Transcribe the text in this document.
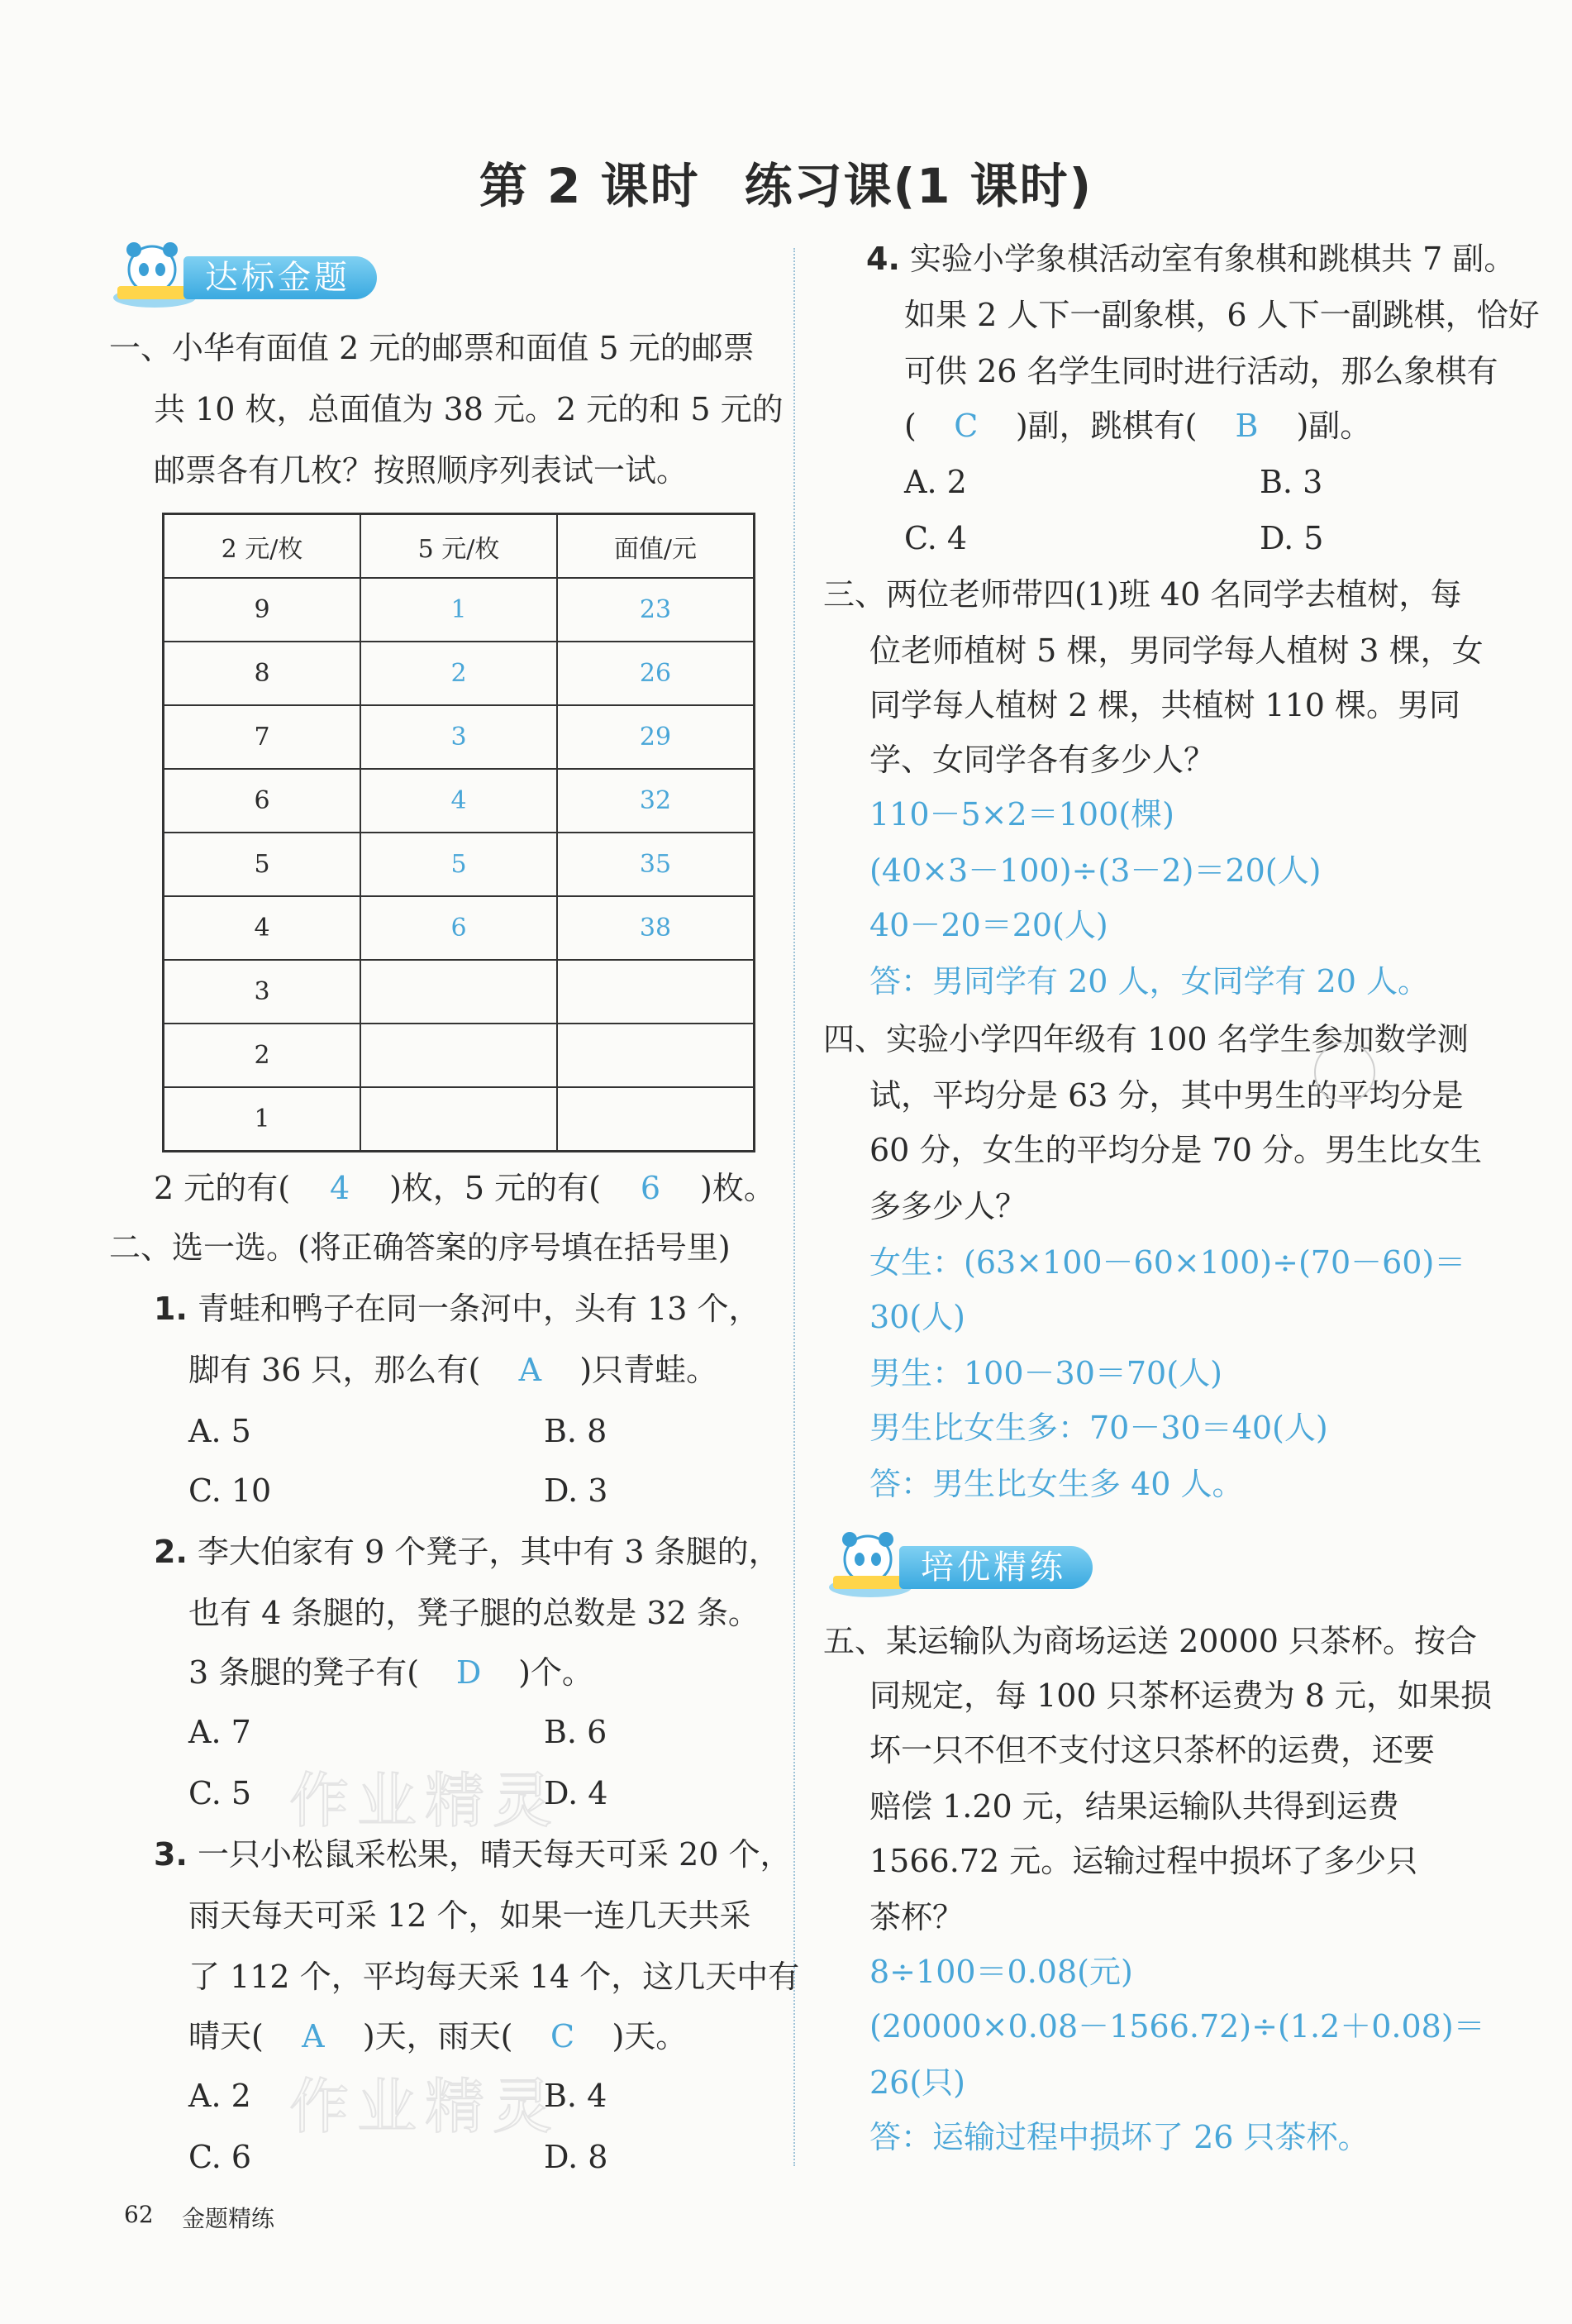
第 2 课时 练习课(1 课时)
达标金题
一、小华有面值 2 元的邮票和面值 5 元的邮票
共 10 枚，总面值为 38 元。2 元的和 5 元的
邮票各有几枚？按照顺序列表试一试。
2 元/枚	5 元/枚	面值/元
9	1	23
8	2	26
7	3	29
6	4	32
5	5	35
4	6	38
3		
2		
1		
2 元的有( 4 )枚，5 元的有( 6 )枚。
二、选一选。(将正确答案的序号填在括号里)
1. 青蛙和鸭子在同一条河中，头有 13 个，
脚有 36 只，那么有( A )只青蛙。
A. 5	B. 8
C. 10	D. 3
2. 李大伯家有 9 个凳子，其中有 3 条腿的，
也有 4 条腿的，凳子腿的总数是 32 条。
3 条腿的凳子有( D )个。
A. 7	B. 6
C. 5	D. 4
3. 一只小松鼠采松果，晴天每天可采 20 个，
雨天每天可采 12 个，如果一连几天共采
了 112 个，平均每天采 14 个，这几天中有
晴天( A )天，雨天( C )天。
A. 2	B. 4
C. 6	D. 8
作业精灵
作业精灵
4. 实验小学象棋活动室有象棋和跳棋共 7 副。
如果 2 人下一副象棋，6 人下一副跳棋，恰好
可供 26 名学生同时进行活动，那么象棋有
( C )副，跳棋有( B )副。
A. 2	B. 3
C. 4	D. 5
三、两位老师带四(1)班 40 名同学去植树，每
位老师植树 5 棵，男同学每人植树 3 棵，女
同学每人植树 2 棵，共植树 110 棵。男同
学、女同学各有多少人？
110－5×2＝100(棵)
(40×3－100)÷(3－2)＝20(人)
40－20＝20(人)
答：男同学有 20 人，女同学有 20 人。
四、实验小学四年级有 100 名学生参加数学测
试，平均分是 63 分，其中男生的平均分是
60 分，女生的平均分是 70 分。男生比女生
多多少人？
女生：(63×100－60×100)÷(70－60)＝
30(人)
男生：100－30＝70(人)
男生比女生多：70－30＝40(人)
答：男生比女生多 40 人。
培优精练
五、某运输队为商场运送 20000 只茶杯。按合
同规定，每 100 只茶杯运费为 8 元，如果损
坏一只不但不支付这只茶杯的运费，还要
赔偿 1.20 元，结果运输队共得到运费
1566.72 元。运输过程中损坏了多少只
茶杯？
8÷100＝0.08(元)
(20000×0.08－1566.72)÷(1.2＋0.08)＝
26(只)
答：运输过程中损坏了 26 只茶杯。
62 金题精练
